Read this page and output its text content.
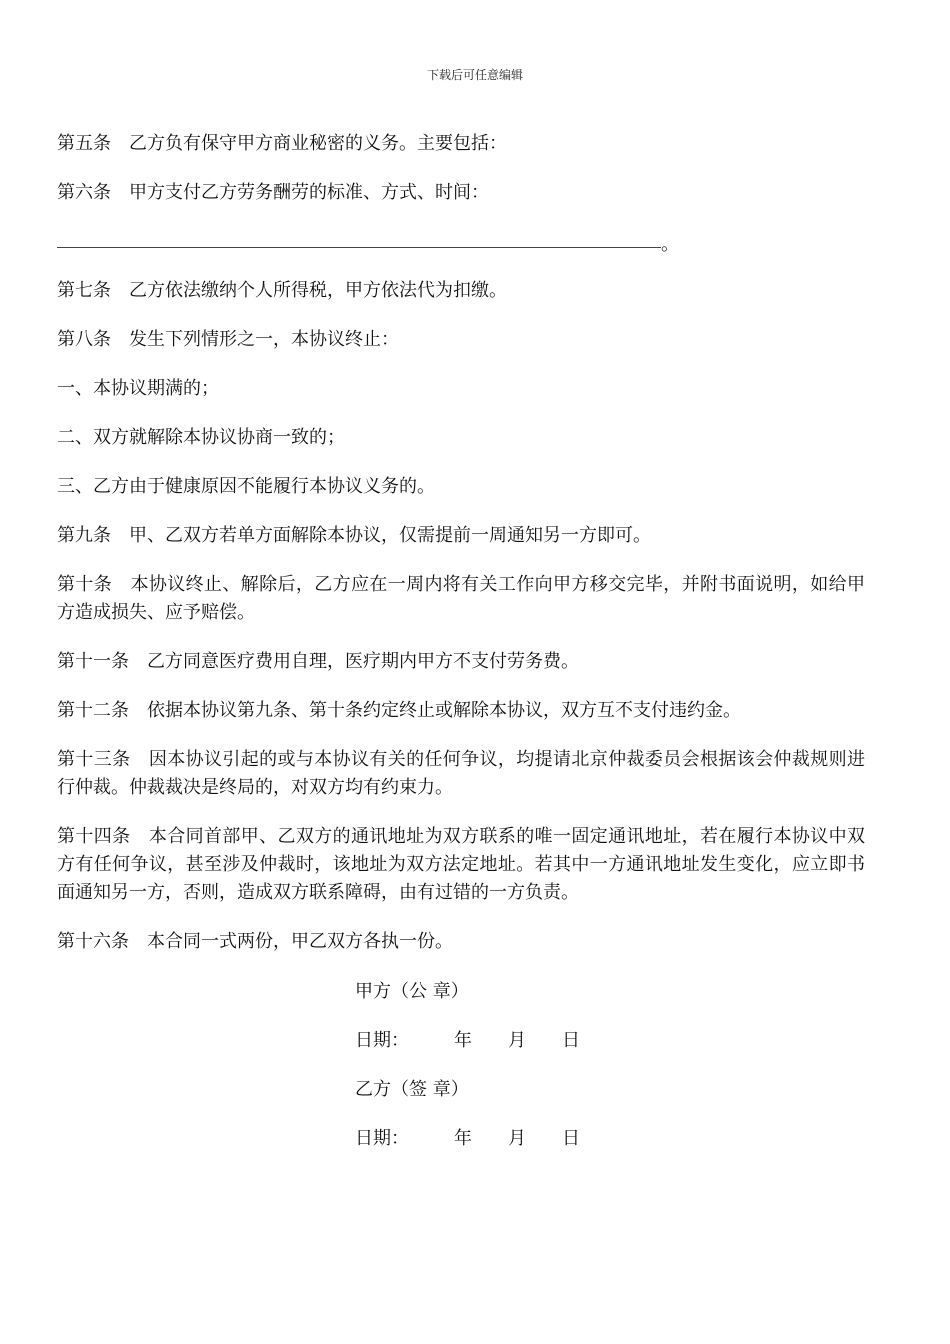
下载后可任意编辑

第五条　乙方负有保守甲方商业秘密的义务。主要包括：

第六条　甲方支付乙方劳务酬劳的标准、方式、时间：

。

第七条　乙方依法缴纳个人所得税，甲方依法代为扣缴。

第八条　发生下列情形之一，本协议终止：

一、本协议期满的；

二、双方就解除本协议协商一致的；

三、乙方由于健康原因不能履行本协议义务的。

第九条　甲、乙双方若单方面解除本协议，仅需提前一周通知另一方即可。

第十条　本协议终止、解除后，乙方应在一周内将有关工作向甲方移交完毕，并附书面说明，如给甲方造成损失、应予赔偿。

第十一条　乙方同意医疗费用自理，医疗期内甲方不支付劳务费。

第十二条　依据本协议第九条、第十条约定终止或解除本协议，双方互不支付违约金。

第十三条　因本协议引起的或与本协议有关的任何争议，均提请北京仲裁委员会根据该会仲裁规则进行仲裁。仲裁裁决是终局的，对双方均有约束力。

第十四条　本合同首部甲、乙双方的通讯地址为双方联系的唯一固定通讯地址，若在履行本协议中双方有任何争议，甚至涉及仲裁时，该地址为双方法定地址。若其中一方通讯地址发生变化，应立即书面通知另一方，否则，造成双方联系障碍，由有过错的一方负责。

第十六条　本合同一式两份，甲乙双方各执一份。

甲方（公 章）
日期：　　　年　　月　　日
乙方（签 章）
日期：　　　年　　月　　日
